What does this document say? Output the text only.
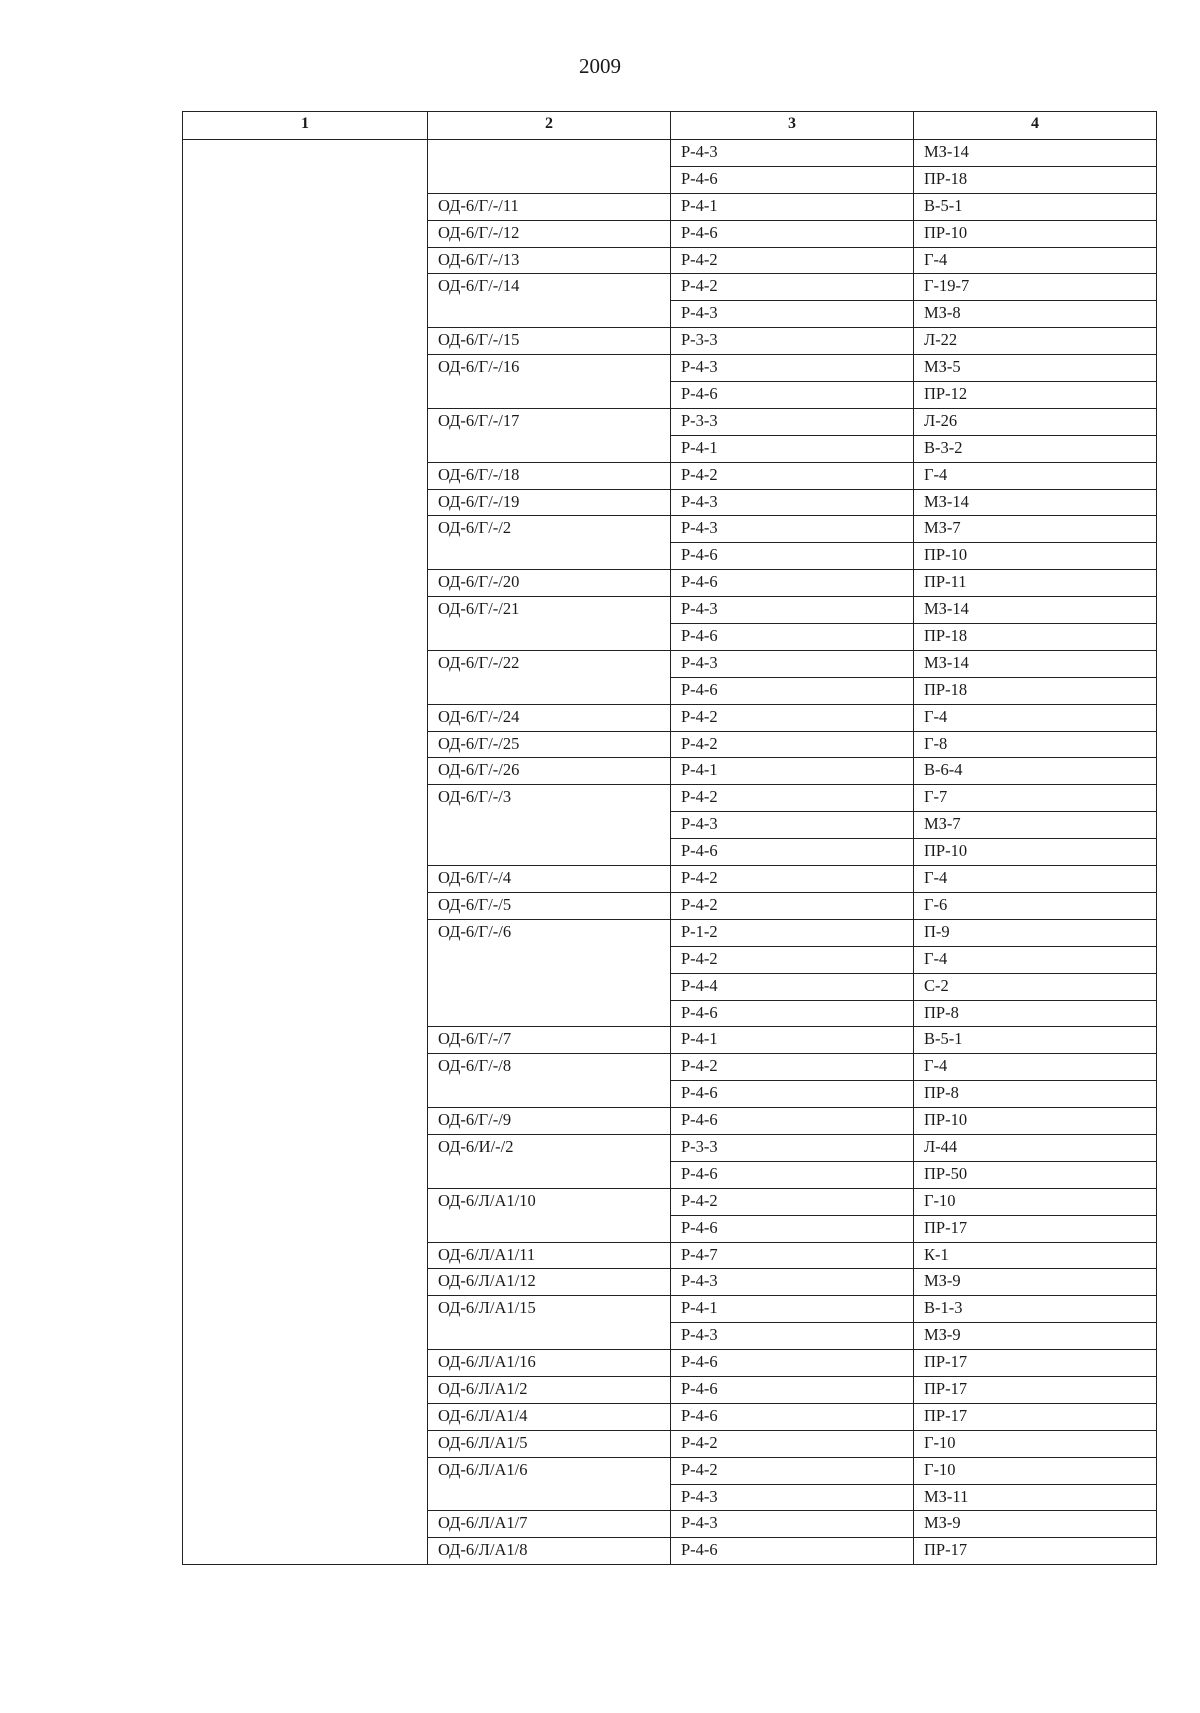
2009
1	2	3	4
		Р-4-3	МЗ-14
		Р-4-6	ПР-18
	ОД-6/Г/-/11	Р-4-1	В-5-1
	ОД-6/Г/-/12	Р-4-6	ПР-10
	ОД-6/Г/-/13	Р-4-2	Г-4
	ОД-6/Г/-/14	Р-4-2	Г-19-7
		Р-4-3	МЗ-8
	ОД-6/Г/-/15	Р-3-3	Л-22
	ОД-6/Г/-/16	Р-4-3	МЗ-5
		Р-4-6	ПР-12
	ОД-6/Г/-/17	Р-3-3	Л-26
		Р-4-1	В-3-2
	ОД-6/Г/-/18	Р-4-2	Г-4
	ОД-6/Г/-/19	Р-4-3	МЗ-14
	ОД-6/Г/-/2	Р-4-3	МЗ-7
		Р-4-6	ПР-10
	ОД-6/Г/-/20	Р-4-6	ПР-11
	ОД-6/Г/-/21	Р-4-3	МЗ-14
		Р-4-6	ПР-18
	ОД-6/Г/-/22	Р-4-3	МЗ-14
		Р-4-6	ПР-18
	ОД-6/Г/-/24	Р-4-2	Г-4
	ОД-6/Г/-/25	Р-4-2	Г-8
	ОД-6/Г/-/26	Р-4-1	В-6-4
	ОД-6/Г/-/3	Р-4-2	Г-7
		Р-4-3	МЗ-7
		Р-4-6	ПР-10
	ОД-6/Г/-/4	Р-4-2	Г-4
	ОД-6/Г/-/5	Р-4-2	Г-6
	ОД-6/Г/-/6	Р-1-2	П-9
		Р-4-2	Г-4
		Р-4-4	С-2
		Р-4-6	ПР-8
	ОД-6/Г/-/7	Р-4-1	В-5-1
	ОД-6/Г/-/8	Р-4-2	Г-4
		Р-4-6	ПР-8
	ОД-6/Г/-/9	Р-4-6	ПР-10
	ОД-6/И/-/2	Р-3-3	Л-44
		Р-4-6	ПР-50
	ОД-6/Л/А1/10	Р-4-2	Г-10
		Р-4-6	ПР-17
	ОД-6/Л/А1/11	Р-4-7	К-1
	ОД-6/Л/А1/12	Р-4-3	МЗ-9
	ОД-6/Л/А1/15	Р-4-1	В-1-3
		Р-4-3	МЗ-9
	ОД-6/Л/А1/16	Р-4-6	ПР-17
	ОД-6/Л/А1/2	Р-4-6	ПР-17
	ОД-6/Л/А1/4	Р-4-6	ПР-17
	ОД-6/Л/А1/5	Р-4-2	Г-10
	ОД-6/Л/А1/6	Р-4-2	Г-10
		Р-4-3	МЗ-11
	ОД-6/Л/А1/7	Р-4-3	МЗ-9
	ОД-6/Л/А1/8	Р-4-6	ПР-17
